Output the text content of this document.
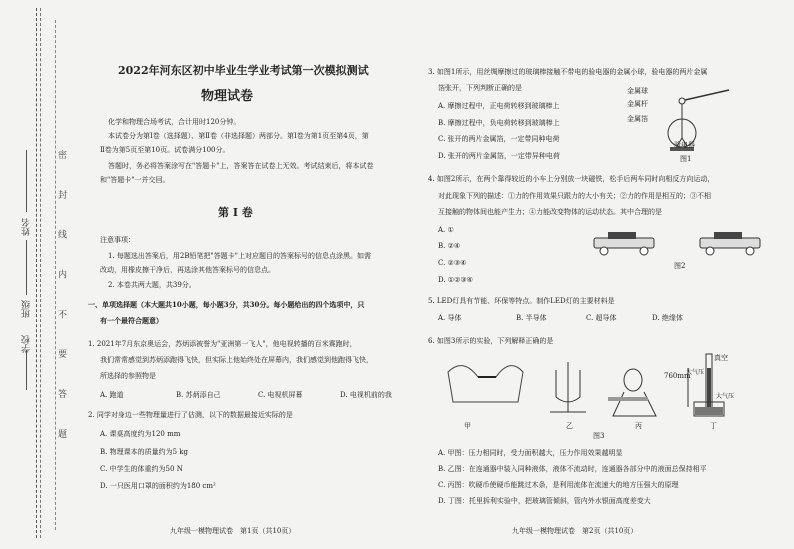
学校
班级
姓名	密 封 线 内 不 要 答 题
2022年河东区初中毕业生学业考试第一次模拟测试
物理试卷
化学和物理合场考试，合计用时120分钟。
本试卷分为第Ⅰ卷（选择题）、第Ⅱ卷（非选择题）两部分。第Ⅰ卷为第1页至第4页，第
Ⅱ卷为第5页至第10页。试卷满分100分。
答题时，务必将答案涂写在"答题卡"上，答案答在试卷上无效。考试结束后，将本试卷
和"答题卡"一并交回。
第 Ⅰ 卷
注意事项：
1. 每题选出答案后，用2B铅笔把"答题卡"上对应题目的答案标号的信息点涂黑。如需
改动，用橡皮擦干净后，再选涂其他答案标号的信息点。
2. 本卷共两大题，共39分。
一、单项选择题（本大题共10小题，每小题3分，共30分。每小题给出的四个选项中，只
有一个最符合题意）
1. 2021年7月东京奥运会，苏炳添被誉为"亚洲第一飞人"，他电视转播的百米赛跑时，
我们常常感觉到苏炳添跑得飞快，但实际上他始终处在屏幕内，我们感觉到他跑得飞快，
所选择的参照物是
A. 跑道	B. 苏炳添自己	C. 电视机屏幕	D. 电视机前的我
2. 同学对身边一些物理量进行了估测，以下的数据最接近实际的是
A. 课桌高度约为120 mm
B. 物理课本的质量约为5 kg
C. 中学生的体重约为50 N
D. 一只医用口罩的面积约为180 cm²
九年级一模物理试卷　第1页（共10页）
3. 如图1所示，用丝绸摩擦过的玻璃棒接触不带电的验电器的金属小球，验电器的两片金属
箔张开，下列判断正确的是
A. 摩擦过程中，正电荷转移到玻璃棒上
B. 摩擦过程中，负电荷转移到玻璃棒上
C. 张开的两片金属箔，一定带同种电荷
D. 张开的两片金属箔，一定带异种电荷
金属球
金属杆
金属箔
验电器
图1
4. 如图2所示，在两个靠得较近的小车上分别放一块磁铁，松手后两车同时向相反方向运动，
对此现象下列的描述：①力的作用效果只跟力的大小有关；②力的作用是相互的；③不相
互接触的物体间也能产生力；④力能改变物体的运动状态。其中合理的是
A. ①
B. ②④
C. ②③④
D. ①②③④
图2
5. LED灯具有节能、环保等特点。制作LED灯的主要材料是
A. 导体	B. 半导体	C. 超导体	D. 绝缘体
6. 如图3所示的实验，下列解释正确的是
甲	乙	丙	丁
图3
真空
760mm
大气压
大气压
A. 甲图：压力相同时，受力面积越大，压力作用效果越明显
B. 乙图：在连通器中装入同种液体，液体不流动时，连通器各部分中的液面总保持相平
C. 丙图：吹硬币使硬币能跳过木条，是利用流体在流速大的地方压强大的原理
D. 丁图：托里拆利实验中，把玻璃管倾斜，管内外水银面高度差变大
九年级一模物理试卷　第2页（共10页）
